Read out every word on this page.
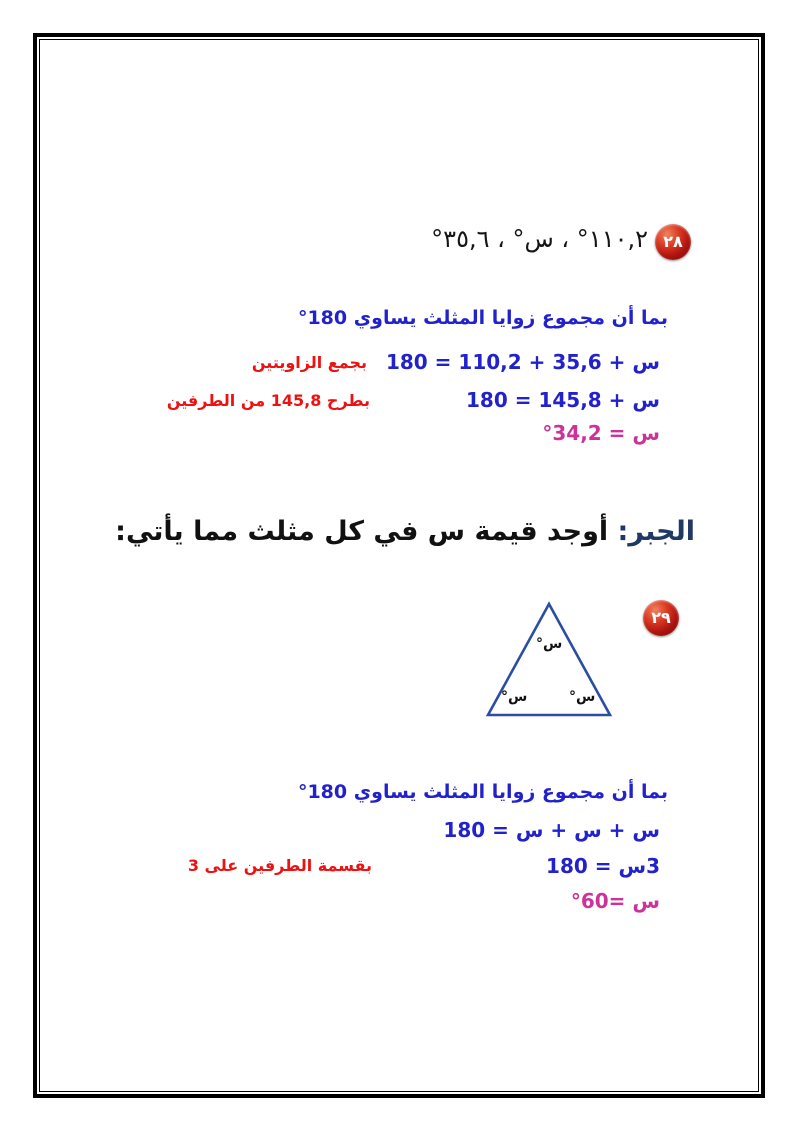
٢٨
١١٠,٢° ، س° ، ٣٥,٦°
بما أن مجموع زوايا المثلث يساوي 180°
س + 35,6 + 110,2 = 180
بجمع الزاويتين
س + 145,8 = 180
بطرح 145,8 من الطرفين
س = 34,2°
الجبر: أوجد قيمة س في كل مثلث مما يأتي:
٢٩
س°
س°	س°
بما أن مجموع زوايا المثلث يساوي 180°
س + س + س = 180
3س = 180
بقسمة الطرفين على 3
س =60°
